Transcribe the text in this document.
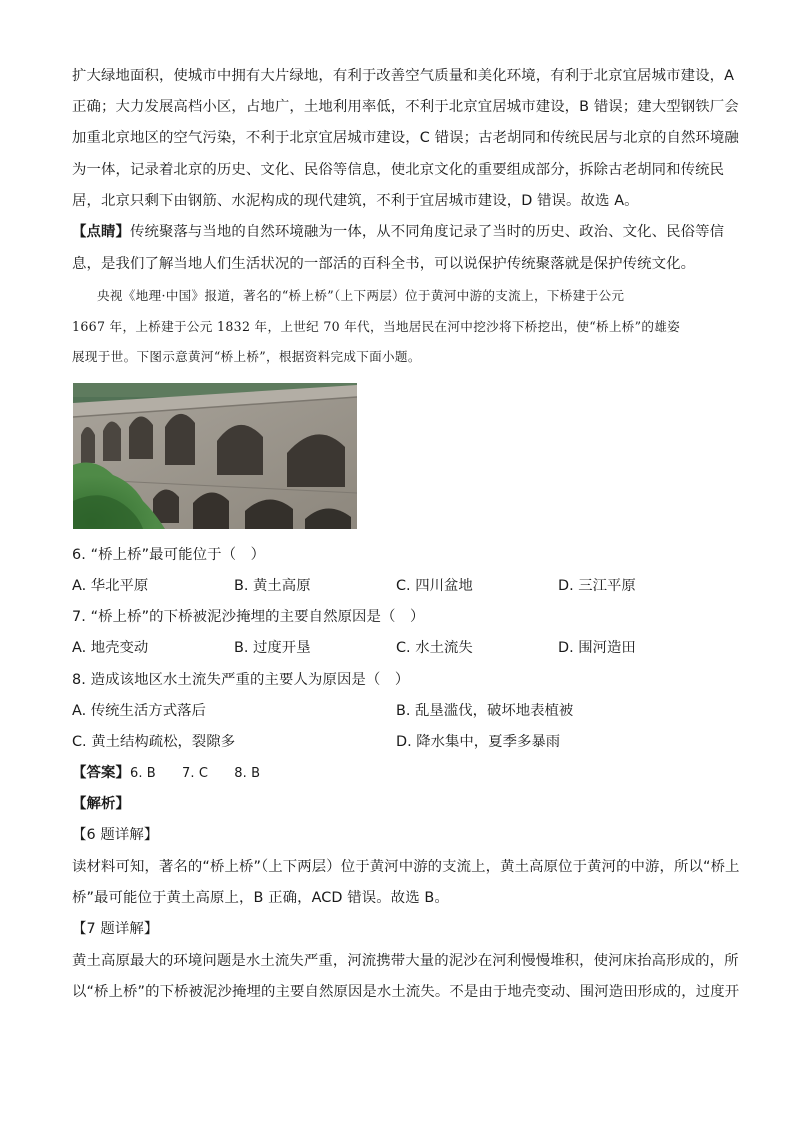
扩大绿地面积，使城市中拥有大片绿地，有利于改善空气质量和美化环境，有利于北京宜居城市建设，A
正确；大力发展高档小区，占地广，土地利用率低，不利于北京宜居城市建设，B 错误；建大型钢铁厂会
加重北京地区的空气污染，不利于北京宜居城市建设，C 错误；古老胡同和传统民居与北京的自然环境融
为一体，记录着北京的历史、文化、民俗等信息，使北京文化的重要组成部分，拆除古老胡同和传统民
居，北京只剩下由钢筋、水泥构成的现代建筑，不利于宜居城市建设，D 错误。故选 A。
【点睛】传统聚落与当地的自然环境融为一体，从不同角度记录了当时的历史、政治、文化、民俗等信
息，是我们了解当地人们生活状况的一部活的百科全书，可以说保护传统聚落就是保护传统文化。
央视《地理·中国》报道，著名的“桥上桥”（上下两层）位于黄河中游的支流上，下桥建于公元
1667 年，上桥建于公元 1832 年，上世纪 70 年代，当地居民在河中挖沙将下桥挖出，使“桥上桥”的雄姿
展现于世。下图示意黄河“桥上桥”，根据资料完成下面小题。
6. “桥上桥”最可能位于（　）
A. 华北平原	B. 黄土高原	C. 四川盆地	D. 三江平原
7. “桥上桥”的下桥被泥沙掩埋的主要自然原因是（　）
A. 地壳变动	B. 过度开垦	C. 水土流失	D. 围河造田
8. 造成该地区水土流失严重的主要人为原因是（　）
A. 传统生活方式落后	B. 乱垦滥伐，破坏地表植被
C. 黄土结构疏松，裂隙多	D. 降水集中，夏季多暴雨
【答案】6. B　　7. C　　8. B
【解析】
【6 题详解】
读材料可知，著名的“桥上桥”（上下两层）位于黄河中游的支流上，黄土高原位于黄河的中游，所以“桥上
桥”最可能位于黄土高原上，B 正确，ACD 错误。故选 B。
【7 题详解】
黄土高原最大的环境问题是水土流失严重，河流携带大量的泥沙在河利慢慢堆积，使河床抬高形成的，所
以“桥上桥”的下桥被泥沙掩埋的主要自然原因是水土流失。不是由于地壳变动、围河造田形成的，过度开
